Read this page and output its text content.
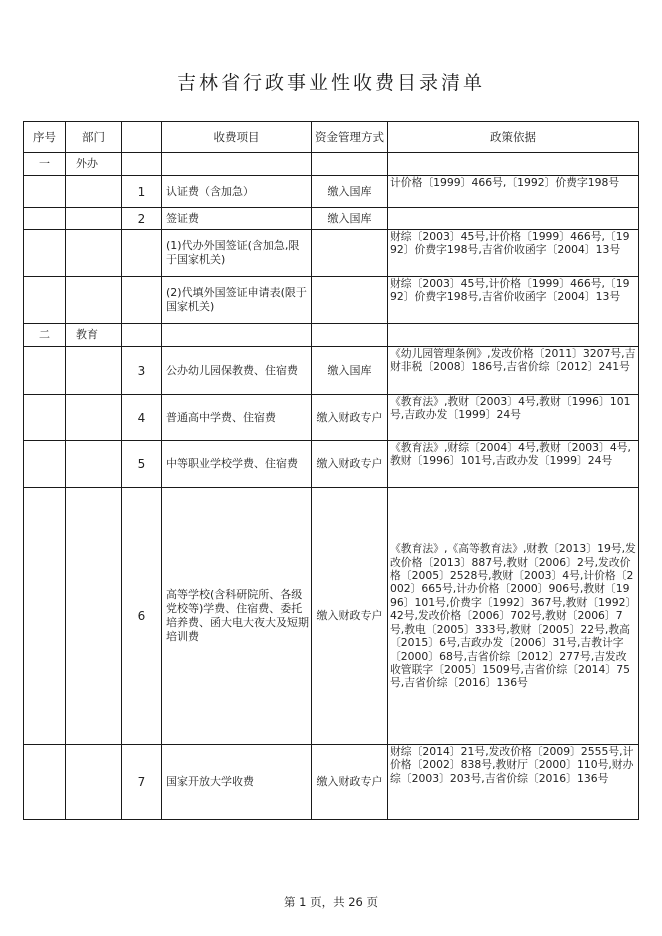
吉林省行政事业性收费目录清单
序号	部门		收费项目	资金管理方式	政策依据
一	外办				
		1	认证费（含加急）	缴入国库	计价格〔1999〕466号,〔1992〕价费字198号
		2	签证费	缴入国库	
			(1)代办外国签证(含加急,限于国家机关)		财综〔2003〕45号,计价格〔1999〕466号,〔1992〕价费字198号,吉省价收函字〔2004〕13号
			(2)代填外国签证申请表(限于国家机关)		财综〔2003〕45号,计价格〔1999〕466号,〔1992〕价费字198号,吉省价收函字〔2004〕13号
二	教育				
		3	公办幼儿园保教费、住宿费	缴入国库	《幼儿园管理条例》,发改价格〔2011〕3207号,吉财非税〔2008〕186号,吉省价综〔2012〕241号
		4	普通高中学费、住宿费	缴入财政专户	《教育法》,教财〔2003〕4号,教财〔1996〕101号,吉政办发〔1999〕24号
		5	中等职业学校学费、住宿费	缴入财政专户	《教育法》,财综〔2004〕4号,教财〔2003〕4号,教财〔1996〕101号,吉政办发〔1999〕24号
		6	高等学校(含科研院所、各级党校等)学费、住宿费、委托培养费、函大电大夜大及短期培训费	缴入财政专户	《教育法》,《高等教育法》,财教〔2013〕19号,发改价格〔2013〕887号,教财〔2006〕2号,发改价格〔2005〕2528号,教财〔2003〕4号,计价格〔2002〕665号,计办价格〔2000〕906号,教财〔1996〕101号,价费字〔1992〕367号,教财〔1992〕42号,发改价格〔2006〕702号,教财〔2006〕7号,教电〔2005〕333号,教财〔2005〕22号,教高〔2015〕6号,吉政办发〔2006〕31号,吉教计字〔2000〕68号,吉省价综〔2012〕277号,吉发改收管联字〔2005〕1509号,吉省价综〔2014〕75号,吉省价综〔2016〕136号
		7	国家开放大学收费	缴入财政专户	财综〔2014〕21号,发改价格〔2009〕2555号,计价格〔2002〕838号,教财厅〔2000〕110号,财办综〔2003〕203号,吉省价综〔2016〕136号
第 1 页，共 26 页
